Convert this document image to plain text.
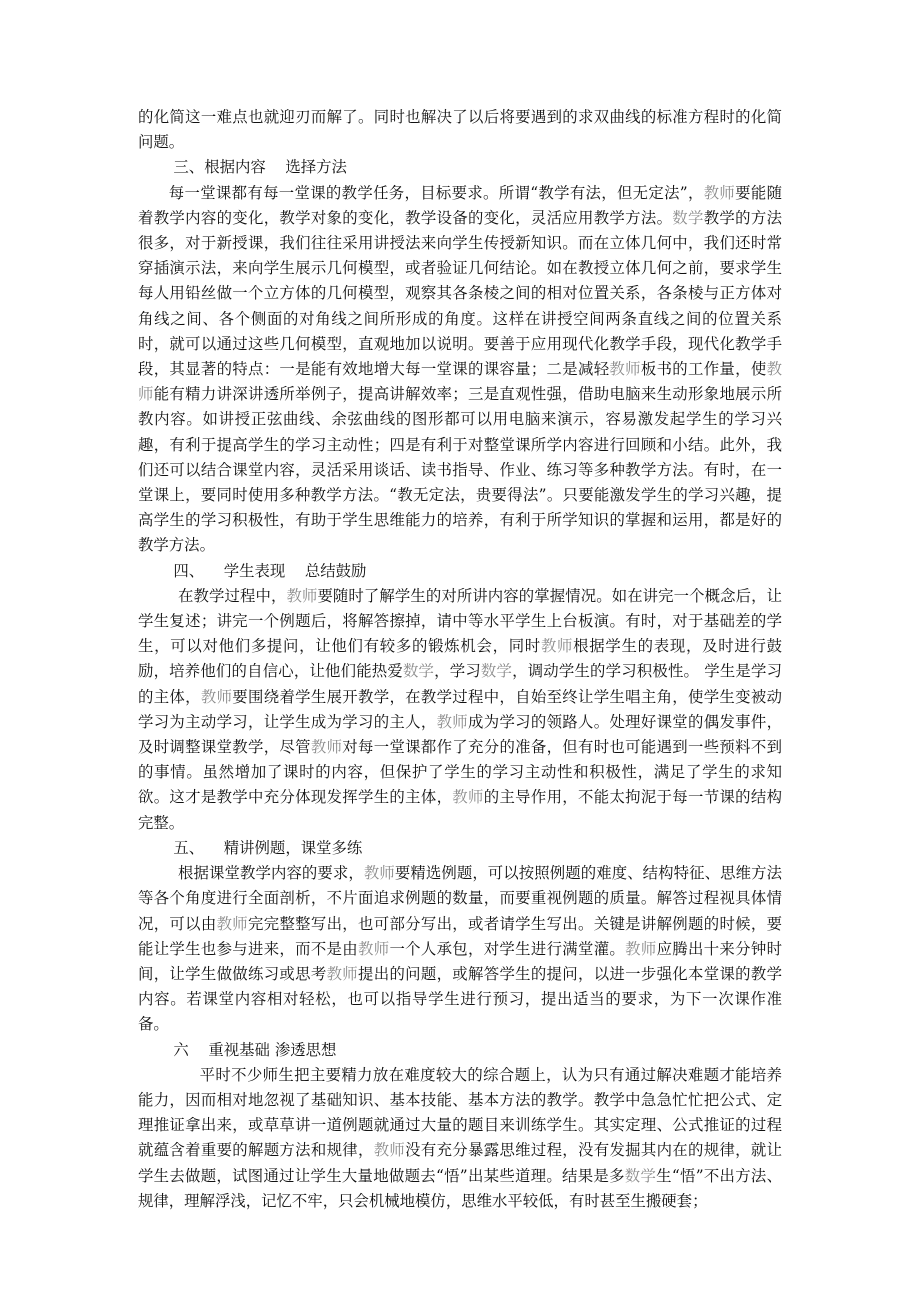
的化简这一难点也就迎刃而解了。同时也解决了以后将要遇到的求双曲线的标准方程时的化简问题。

三、根据内容    选择方法

每一堂课都有每一堂课的教学任务，目标要求。所谓“教学有法，但无定法”，教师要能随着教学内容的变化，教学对象的变化，教学设备的变化，灵活应用教学方法。数学教学的方法很多，对于新授课，我们往往采用讲授法来向学生传授新知识。而在立体几何中，我们还时常穿插演示法，来向学生展示几何模型，或者验证几何结论。如在教授立体几何之前，要求学生每人用铅丝做一个立方体的几何模型，观察其各条棱之间的相对位置关系，各条棱与正方体对角线之间、各个侧面的对角线之间所形成的角度。这样在讲授空间两条直线之间的位置关系时，就可以通过这些几何模型，直观地加以说明。要善于应用现代化教学手段，现代化教学手段，其显著的特点：一是能有效地增大每一堂课的课容量；二是减轻教师板书的工作量，使教师能有精力讲深讲透所举例子，提高讲解效率；三是直观性强，借助电脑来生动形象地展示所教内容。如讲授正弦曲线、余弦曲线的图形都可以用电脑来演示，容易激发起学生的学习兴趣，有利于提高学生的学习主动性；四是有利于对整堂课所学内容进行回顾和小结。此外，我们还可以结合课堂内容，灵活采用谈话、读书指导、作业、练习等多种教学方法。有时，在一堂课上，要同时使用多种教学方法。“教无定法，贵要得法”。只要能激发学生的学习兴趣，提高学生的学习积极性，有助于学生思维能力的培养，有利于所学知识的掌握和运用，都是好的教学方法。

四、    学生表现    总结鼓励

在教学过程中，教师要随时了解学生的对所讲内容的掌握情况。如在讲完一个概念后，让学生复述；讲完一个例题后，将解答擦掉，请中等水平学生上台板演。有时，对于基础差的学生，可以对他们多提问，让他们有较多的锻炼机会，同时教师根据学生的表现，及时进行鼓励，培养他们的自信心，让他们能热爱数学，学习数学，调动学生的学习积极性。 学生是学习的主体，教师要围绕着学生展开教学，在教学过程中，自始至终让学生唱主角，使学生变被动学习为主动学习，让学生成为学习的主人，教师成为学习的领路人。处理好课堂的偶发事件，及时调整课堂教学，尽管教师对每一堂课都作了充分的准备，但有时也可能遇到一些预料不到的事情。虽然增加了课时的内容，但保护了学生的学习主动性和积极性，满足了学生的求知欲。这才是教学中充分体现发挥学生的主体，教师的主导作用，不能太拘泥于每一节课的结构完整。

五、    精讲例题，课堂多练

根据课堂教学内容的要求，教师要精选例题，可以按照例题的难度、结构特征、思维方法等各个角度进行全面剖析，不片面追求例题的数量，而要重视例题的质量。解答过程视具体情况，可以由教师完完整整写出，也可部分写出，或者请学生写出。关键是讲解例题的时候，要能让学生也参与进来，而不是由教师一个人承包，对学生进行满堂灌。教师应腾出十来分钟时间，让学生做做练习或思考教师提出的问题，或解答学生的提问，以进一步强化本堂课的教学内容。若课堂内容相对轻松，也可以指导学生进行预习，提出适当的要求，为下一次课作准备。

六    重视基础 渗透思想

平时不少师生把主要精力放在难度较大的综合题上，认为只有通过解决难题才能培养能力，因而相对地忽视了基础知识、基本技能、基本方法的教学。教学中急急忙忙把公式、定理推证拿出来，或草草讲一道例题就通过大量的题目来训练学生。其实定理、公式推证的过程就蕴含着重要的解题方法和规律，教师没有充分暴露思维过程，没有发掘其内在的规律，就让学生去做题，试图通过让学生大量地做题去“悟”出某些道理。结果是多数学生“悟”不出方法、规律，理解浮浅，记忆不牢，只会机械地模仿，思维水平较低，有时甚至生搬硬套；
